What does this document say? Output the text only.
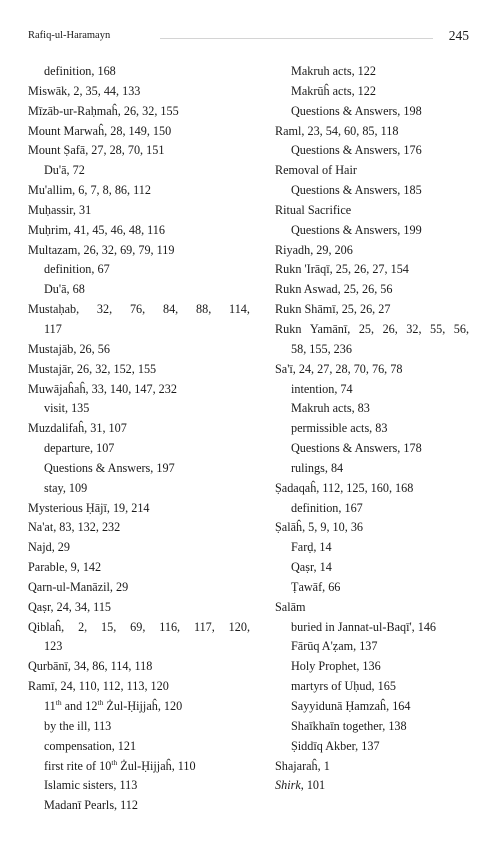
Rafiq-ul-Haramayn	245
definition, 168
Miswāk, 2, 35, 44, 133
Mīzāb-ur-Raḥmaĥ, 26, 32, 155
Mount Marwaĥ, 28, 149, 150
Mount Ṣafā, 27, 28, 70, 151
Du'ā, 72
Mu'allim, 6, 7, 8, 86, 112
Muḥassir, 31
Muḥrim, 41, 45, 46, 48, 116
Multazam, 26, 32, 69, 79, 119
definition, 67
Du'ā, 68
Mustaḥab, 32, 76, 84, 88, 114,
117
Mustajāb, 26, 56
Mustajār, 26, 32, 152, 155
Muwājaĥaĥ, 33, 140, 147, 232
visit, 135
Muzdalifaĥ, 31, 107
departure, 107
Questions & Answers, 197
stay, 109
Mysterious Ḥājī, 19, 214
Na'at, 83, 132, 232
Najd, 29
Parable, 9, 142
Qarn-ul-Manāzil, 29
Qaṣr, 24, 34, 115
Qiblaĥ, 2, 15, 69, 116, 117, 120,
123
Qurbānī, 34, 86, 114, 118
Ramī, 24, 110, 112, 113, 120
11th and 12th Żul-Ḥijjaĥ, 120
by the ill, 113
compensation, 121
first rite of 10th Żul-Ḥijjaĥ, 110
Islamic sisters, 113
Madanī Pearls, 112
Makruh acts, 122
Makrūĥ acts, 122
Questions & Answers, 198
Raml, 23, 54, 60, 85, 118
Questions & Answers, 176
Removal of Hair
Questions & Answers, 185
Ritual Sacrifice
Questions & Answers, 199
Riyadh, 29, 206
Rukn 'Irāqī, 25, 26, 27, 154
Rukn Aswad, 25, 26, 56
Rukn Shāmī, 25, 26, 27
Rukn Yamānī, 25, 26, 32, 55, 56,
58, 155, 236
Sa'ī, 24, 27, 28, 70, 76, 78
intention, 74
Makruh acts, 83
permissible acts, 83
Questions & Answers, 178
rulings, 84
Ṣadaqaĥ, 112, 125, 160, 168
definition, 167
Ṣalāĥ, 5, 9, 10, 36
Farḍ, 14
Qaṣr, 14
Ṭawāf, 66
Salām
buried in Jannat-ul-Baqī', 146
Fārūq A'ẓam, 137
Holy Prophet, 136
martyrs of Uḥud, 165
Sayyidunā Ḥamzaĥ, 164
Shaīkhaīn together, 138
Ṣiddīq Akber, 137
Shajaraĥ, 1
Shirk, 101
